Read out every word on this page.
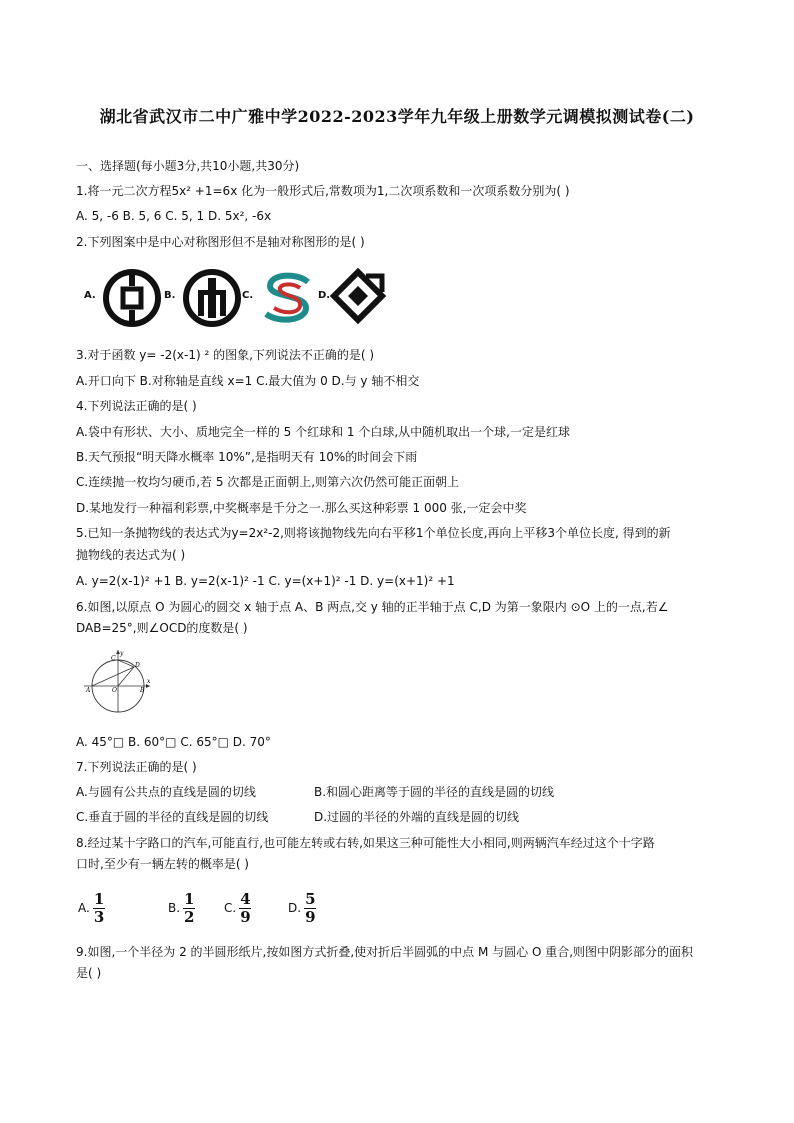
湖北省武汉市二中广雅中学2022-2023学年九年级上册数学元调模拟测试卷(二)
一、选择题(每小题3分,共10小题,共30分)
1.将一元二次方程5x² +1=6x 化为一般形式后,常数项为1,二次项系数和一次项系数分别为( )
A. 5, -6 B. 5, 6 C. 5, 1 D. 5x², -6x
2.下列图案中是中心对称图形但不是轴对称图形的是( )
A.	B.	C.	D.
3.对于函数 y= -2(x-1) ² 的图象,下列说法不正确的是( )
A.开口向下 B.对称轴是直线 x=1 C.最大值为 0 D.与 y 轴不相交
4.下列说法正确的是( )
A.袋中有形状、大小、质地完全一样的 5 个红球和 1 个白球,从中随机取出一个球,一定是红球
B.天气预报“明天降水概率 10%”,是指明天有 10%的时间会下雨
C.连续抛一枚均匀硬币,若 5 次都是正面朝上,则第六次仍然可能正面朝上
D.某地发行一种福利彩票,中奖概率是千分之一.那么买这种彩票 1 000 张,一定会中奖
5.已知一条抛物线的表达式为y=2x²-2,则将该抛物线先向右平移1个单位长度,再向上平移3个单位长度, 得到的新
抛物线的表达式为( )
A. y=2(x-1)² +1 B. y=2(x-1)² -1 C. y=(x+1)² -1 D. y=(x+1)² +1
6.如图,以原点 O 为圆心的圆交 x 轴于点 A、B 两点,交 y 轴的正半轴于点 C,D 为第一象限内 ⊙O 上的一点,若∠
DAB=25°,则∠OCD的度数是( )
y
x
C
D
A	O	B
A. 45°□ B. 60°□ C. 65°□ D. 70°
7.下列说法正确的是( )
A.与圆有公共点的直线是圆的切线	B.和圆心距离等于圆的半径的直线是圆的切线
C.垂直于圆的半径的直线是圆的切线	D.过圆的半径的外端的直线是圆的切线
8.经过某十字路口的汽车,可能直行,也可能左转或右转,如果这三种可能性大小相同,则两辆汽车经过这个十字路
口时,至少有一辆左转的概率是( )
A. $\frac{1}{3}$	B. $\frac{1}{2} C$. $\frac{4}{9}$	D. $\frac{5}{9}$
9.如图,一个半径为 2 的半圆形纸片,按如图方式折叠,使对折后半圆弧的中点 M 与圆心 O 重合,则图中阴影部分的面积
是( )
